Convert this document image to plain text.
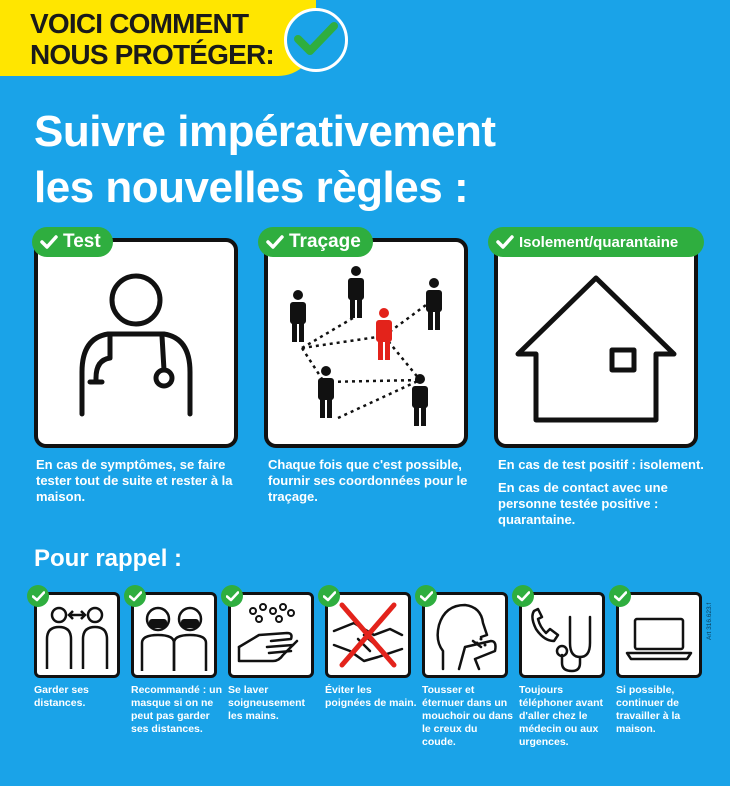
VOICI COMMENT
NOUS PROTÉGER:
Suivre impérativement
les nouvelles règles :
Test
En cas de symptômes, se faire tester tout de suite et rester à la maison.
Traçage
Chaque fois que c'est possible, fournir ses coordonnées pour le traçage.
Isolement/quarantaine
En cas de test positif : isolement.
En cas de contact avec une personne testée positive : quarantaine.
Pour rappel :
Garder ses distances.
Recommandé : un masque si on ne peut pas garder ses distances.
Se laver soigneusement les mains.
Éviter les poignées de main.
Tousser et éternuer dans un mouchoir ou dans le creux du coude.
Toujours téléphoner avant d'aller chez le médecin ou aux urgences.
Si possible, continuer de travailler à la maison.
Art 316.623.f
